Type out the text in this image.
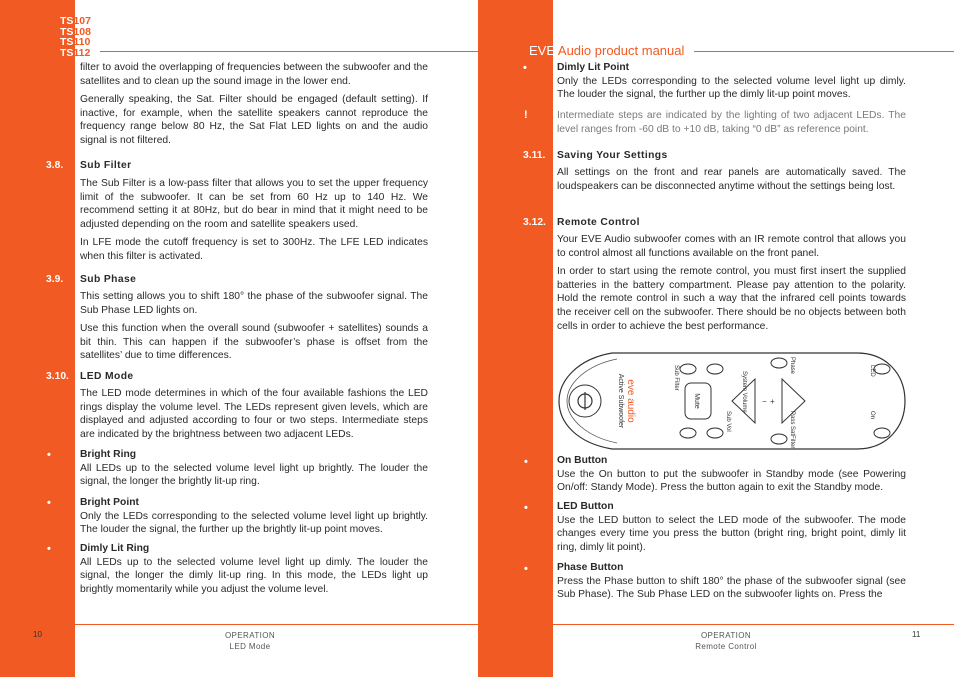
TS107
TS108
TS110
TS112	EVE Audio product manual

filter to avoid the overlapping of frequencies between the subwoofer and the satellites and to clean up the sound image in the lower end.

Generally speaking, the Sat. Filter should be engaged (default setting). If inactive, for example, when the satellite speakers cannot reproduce the frequency range below 80 Hz, the Sat Flat LED lights on and the audio signal is not filtered.

3.8. Sub Filter

The Sub Filter is a low-pass filter that allows you to set the upper frequency limit of the subwoofer. It can be set from 60 Hz up to 140 Hz. We recommend setting it at 80Hz, but do bear in mind that it might need to be adjusted depending on the room and satellite speakers used.

In LFE mode the cutoff frequency is set to 300Hz. The LFE LED indicates when this filter is activated.

3.9. Sub Phase

This setting allows you to shift 180° the phase of the subwoofer signal. The Sub Phase LED lights on.

Use this function when the overall sound (subwoofer + satellites) sounds a bit thin. This can happen if the subwoofer’s phase is offset from the satellites’ due to time differences.

3.10. LED Mode

The LED mode determines in which of the four available fashions the LED rings display the volume level. The LEDs represent given levels, which are displayed and adjusted according to four or two steps. Intermediate steps are indicated by the brightness between two adjacent LEDs.

•	Bright Ring

All LEDs up to the selected volume level light up brightly. The louder the signal, the longer the brightly lit-up ring.

•	Bright Point

Only the LEDs corresponding to the selected volume level light up brightly. The louder the signal, the further up the brightly lit-up point moves.

•	Dimly Lit Ring

All LEDs up to the selected volume level light up dimly. The louder the signal, the longer the dimly lit-up ring. In this mode, the LEDs light up brightly momentarily while you adjust the volume level.

10	OPERATION
LED Mode
•	Dimly Lit Point

Only the LEDs corresponding to the selected volume level light up dimly. The louder the signal, the further up the dimly lit-up point moves.

!	Intermediate steps are indicated by the lighting of two adjacent LEDs. The level ranges from -60 dB to +10 dB, taking “0 dB” as reference point.

3.11. Saving Your Settings

All settings on the front and rear panels are automatically saved. The loudspeakers can be disconnected anytime without the settings being lost.

3.12. Remote Control

Your EVE Audio subwoofer comes with an IR remote control that allows you to control almost all functions available on the front panel.

In order to start using the remote control, you must first insert the supplied batteries in the battery compartment. Please pay attention to the polarity. Hold the remote control in such a way that the infrared cell points towards the receiver cell on the subwoofer. There should be no objects between both cells in order to achieve the best performance.

Active Subwoofer eve audio	Mute
Sub Filter
Sub Vol
− +
System Volume
Phase
Pass SatFilter
LED
On
•	On Button

Use the On button to put the subwoofer in Standby mode (see Powering On/off: Standy Mode). Press the button again to exit the Standby mode.

•	LED Button

Use the LED button to select the LED mode of the subwoofer. The mode changes every time you press the button (bright ring, bright point, dimly lit ring, dimly lit point).

•	Phase Button

Press the Phase button to shift 180° the phase of the subwoofer signal (see Sub Phase). The Sub Phase LED on the subwoofer lights on. Press the

OPERATION
Remote Control
11
